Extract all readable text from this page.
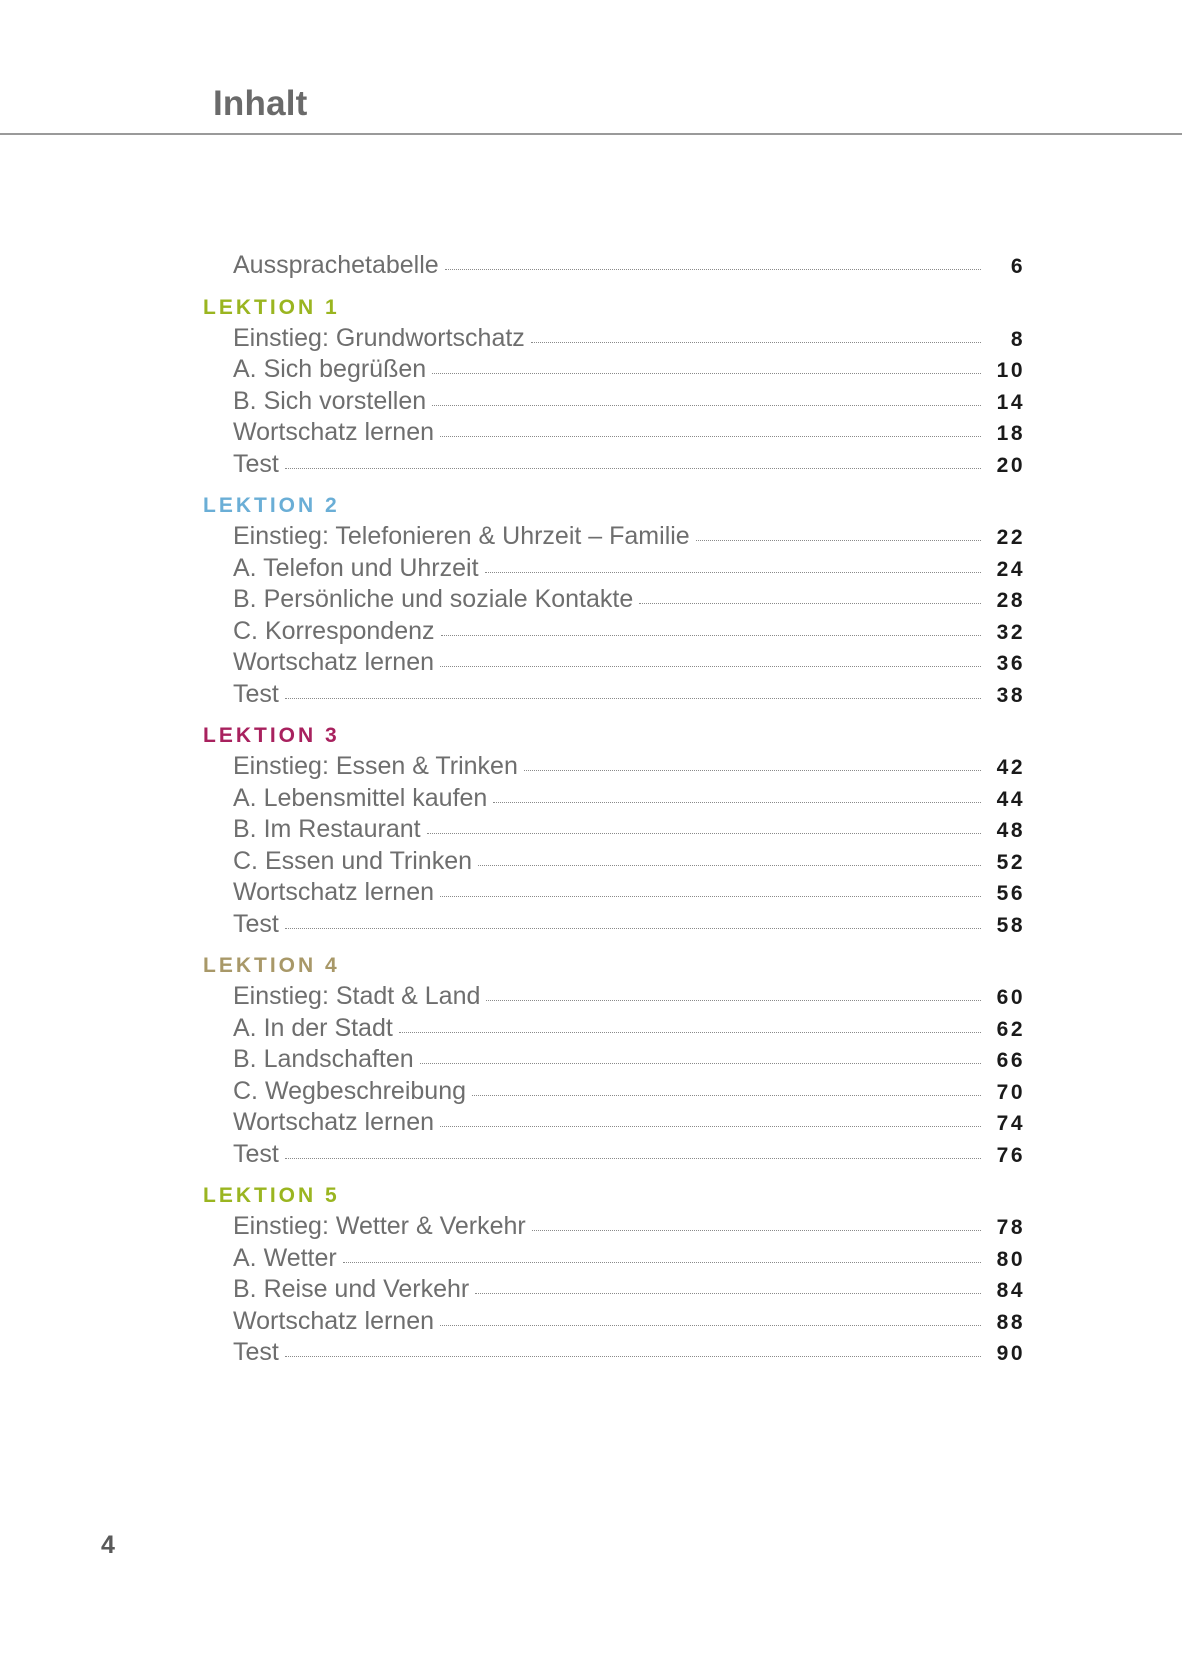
Inhalt
Aussprachetabelle	6
LEKTION 1
Einstieg: Grundwortschatz	8
A. Sich begrüßen	10
B. Sich vorstellen	14
Wortschatz lernen	18
Test	20
LEKTION 2
Einstieg: Telefonieren & Uhrzeit – Familie	22
A. Telefon und Uhrzeit	24
B. Persönliche und soziale Kontakte	28
C. Korrespondenz	32
Wortschatz lernen	36
Test	38
LEKTION 3
Einstieg: Essen & Trinken	42
A. Lebensmittel kaufen	44
B. Im Restaurant	48
C. Essen und Trinken	52
Wortschatz lernen	56
Test	58
LEKTION 4
Einstieg: Stadt & Land	60
A. In der Stadt	62
B. Landschaften	66
C. Wegbeschreibung	70
Wortschatz lernen	74
Test	76
LEKTION 5
Einstieg: Wetter & Verkehr	78
A. Wetter	80
B. Reise und Verkehr	84
Wortschatz lernen	88
Test	90
4
